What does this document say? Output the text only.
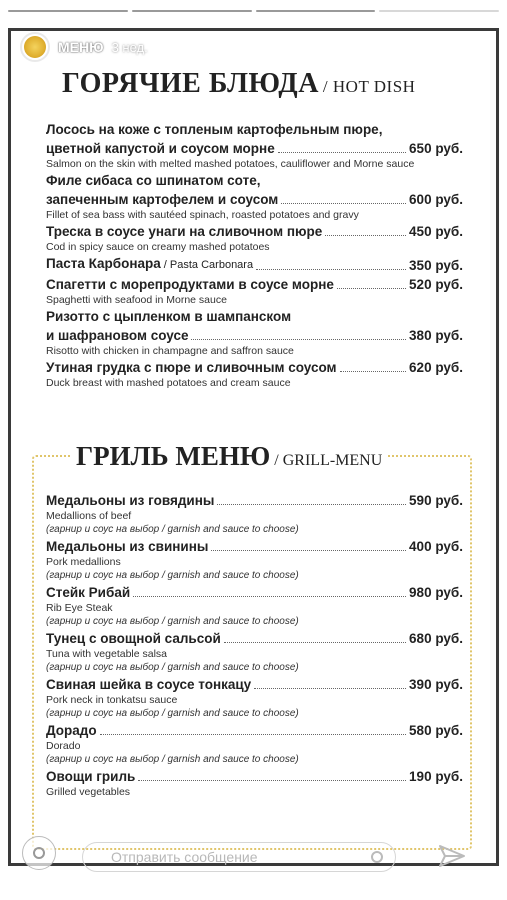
МЕНЮ 3 нед.
ГОРЯЧИЕ БЛЮДА / HOT DISH
Лосось на коже с топленым картофельным пюре,
цветной капустой и соусом морне	650 руб.
Salmon on the skin with melted mashed potatoes, cauliflower and Morne sauce
Филе сибаса со шпинатом соте,
запеченным картофелем и соусом	600 руб.
Fillet of sea bass with sautéed spinach, roasted potatoes and gravy
Треска в соусе унаги на сливочном пюре	450 руб.
Cod in spicy sauce on creamy mashed potatoes
Паста Карбонара / Pasta Carbonara	350 руб.
Спагетти с морепродуктами в соусе морне	520 руб.
Spaghetti with seafood in Morne sauce
Ризотто с цыпленком в шампанском
и шафрановом соусе	380 руб.
Risotto with chicken in champagne and saffron sauce
Утиная грудка с пюре и сливочным соусом	620 руб.
Duck breast with mashed potatoes and cream sauce
ГРИЛЬ МЕНЮ / GRILL-MENU
Медальоны из говядины	590 руб.
Medallions of beef
(гарнир и соус на выбор / garnish and sauce to choose)
Медальоны из свинины	400 руб.
Pork medallions
(гарнир и соус на выбор / garnish and sauce to choose)
Стейк Рибай	980 руб.
Rib Eye Steak
(гарнир и соус на выбор / garnish and sauce to choose)
Тунец с овощной сальсой	680 руб.
Tuna with vegetable salsa
(гарнир и соус на выбор / garnish and sauce to choose)
Свиная шейка в соусе тонкацу	390 руб.
Pork neck in tonkatsu sauce
(гарнир и соус на выбор / garnish and sauce to choose)
Дорадо	580 руб.
Dorado
(гарнир и соус на выбор / garnish and sauce to choose)
Овощи гриль	190 руб.
Grilled vegetables
Отправить сообщение
